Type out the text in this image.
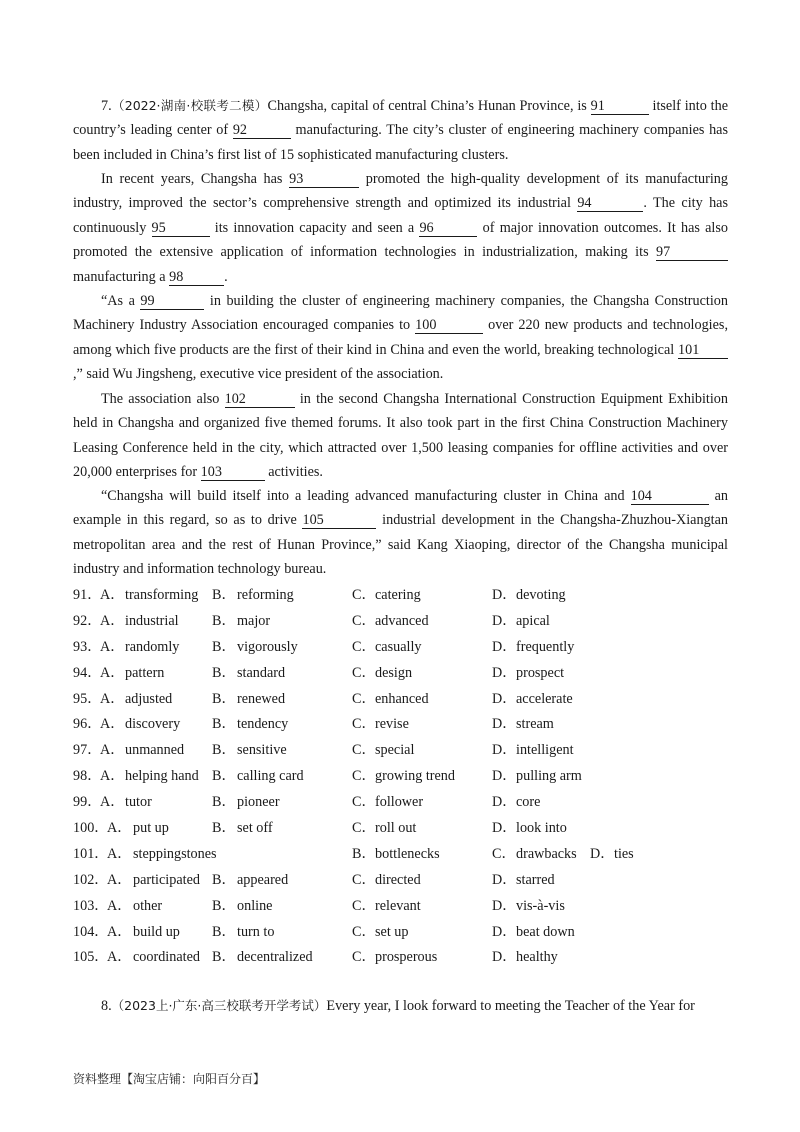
7.（2022·湖南·校联考二模）Changsha, capital of central China’s Hunan Province, is 91	itself into the country’s leading center of 92	manufacturing. The city’s cluster of engineering machinery companies has been included in China’s first list of 15 sophisticated manufacturing clusters.
In recent years, Changsha has 93	promoted the high-quality development of its manufacturing industry, improved the sector’s comprehensive strength and optimized its industrial 94	. The city has continuously 95	its innovation capacity and seen a 96	of major innovation outcomes. It has also promoted the extensive application of information technologies in industrialization, making its 97 manufacturing a 98	.
“As a 99	in building the cluster of engineering machinery companies, the Changsha Construction Machinery Industry Association encouraged companies to 100	over 220 new products and technologies, among which five products are the first of their kind in China and even the world, breaking technological 101,” said Wu Jingsheng, executive vice president of the association.
The association also 102	in the second Changsha International Construction Equipment Exhibition held in Changsha and organized five themed forums. It also took part in the first China Construction Machinery Leasing Conference held in the city, which attracted over 1,500 leasing companies for offline activities and over 20,000 enterprises for 103	activities.
“Changsha will build itself into a leading advanced manufacturing cluster in China and 104	an example in this regard, so as to drive 105	industrial development in the Changsha-Zhuzhou-Xiangtan metropolitan area and the rest of Hunan Province,” said Kang Xiaoping, director of the Changsha municipal industry and information technology bureau.
91．
A． transforming B． reforming	C． catering	D． devoting
92．
A． industrial B． major	C． advanced	D． apical
93．
A． randomly B． vigorously	C． casually	D． frequently
94．
A． pattern	B． standard	C． design	D． prospect
95．
A． adjusted	B． renewed	C． enhanced	D． accelerate
96．
A． discovery B． tendency	C． revise	D． stream
97．
A． unmanned B． sensitive	C． special	D． intelligent
98．
A． helping hand B． calling card	C． growing trend	D． pulling arm
99．
A． tutor	B． pioneer	C． follower	D． core
100．
A． put up	B． set off	C． roll out	D． look into
101．
A． steppingstones	B． bottlenecks	C． drawbacks D． ties
102．
A． participated B． appeared	C． directed	D． starred
103．
A． other	B． online	C． relevant	D． vis-à-vis
104．
A． build up B． turn to	C． set up	D． beat down
105．
A． coordinated B． decentralized	C． prosperous	D． healthy
8.（2023上·广东·高三校联考开学考试）Every year, I look forward to meeting the Teacher of the Year for
资料整理【淘宝店铺：向阳百分百】
